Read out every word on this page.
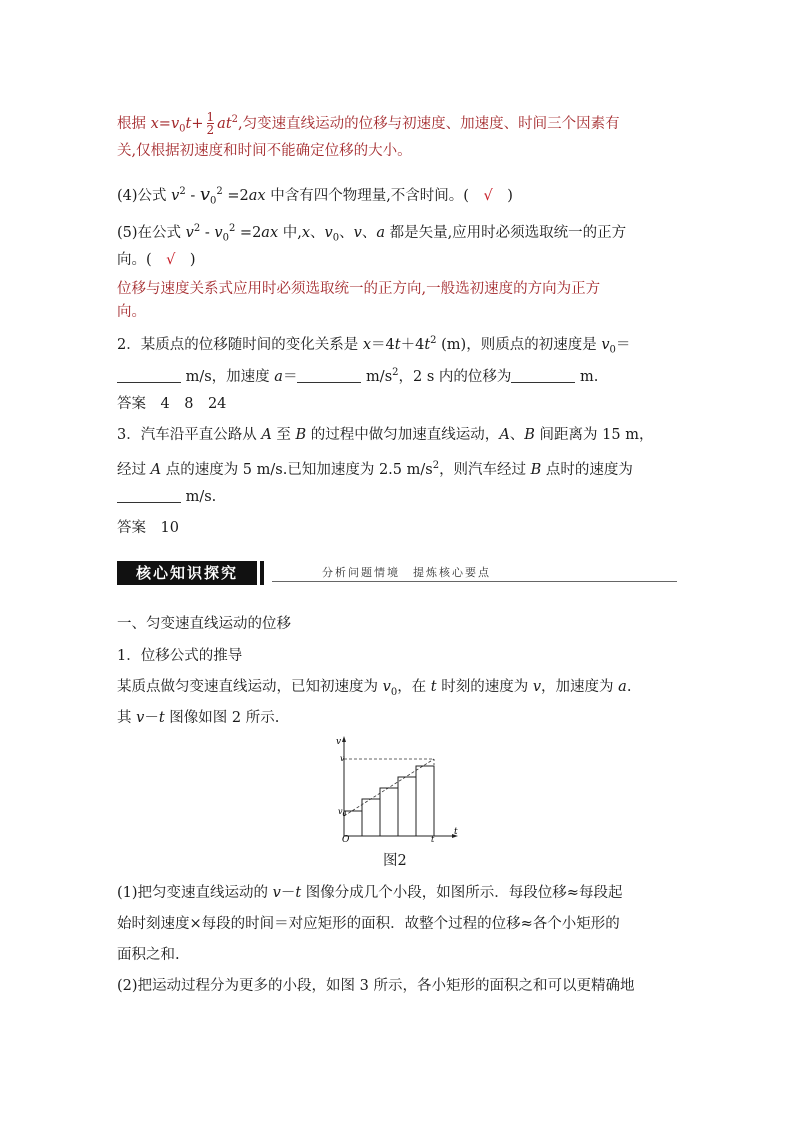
根据 $x=v_0t+ \frac{1}{2} at^2$,匀变速直线运动的位移与初速度、加速度、时间三个因素有
关,仅根据初速度和时间不能确定位移的大小。
(4)公式 $v^2 - v_0^2 =2ax$ 中含有四个物理量,不含时间。(　 √　 )
(5)在公式 $v^2 - v_0^2 =2ax$ 中,x、$v_0$、v、a 都是矢量,应用时必须选取统一的正方
向。(　 √　 )
位移与速度关系式应用时必须选取统一的正方向,一般选初速度的方向为正方
向。
2．某质点的位移随时间的变化关系是 $x=4t+4t^2$ (m)，则质点的初速度是 $v_0=$
m/s，加速度 a＝	$m/s^2$，2 s 内的位移为	m.
答案　4　8　24
3．汽车沿平直公路从 A 至 B 的过程中做匀加速直线运动，A、B 间距离为 15 m，
经过 A 点的速度为 5 m/s.已知加速度为 2.5 $m/s^2$，则汽车经过 B 点时的速度为
m/s.
答案　10
核心知识探究	分析问题情境　提炼核心要点
一、匀变速直线运动的位移
1．位移公式的推导
某质点做匀变速直线运动，已知初速度为 $v_0$，在 t 时刻的速度为 v，加速度为 a.
其 v－t 图像如图 2 所示.
v
t
v
$v_0$
O	t
图2
(1)把匀变速直线运动的 v－t 图像分成几个小段，如图所示．每段位移≈每段起
始时刻速度×每段的时间＝对应矩形的面积．故整个过程的位移≈各个小矩形的
面积之和.
(2)把运动过程分为更多的小段，如图 3 所示，各小矩形的面积之和可以更精确地
